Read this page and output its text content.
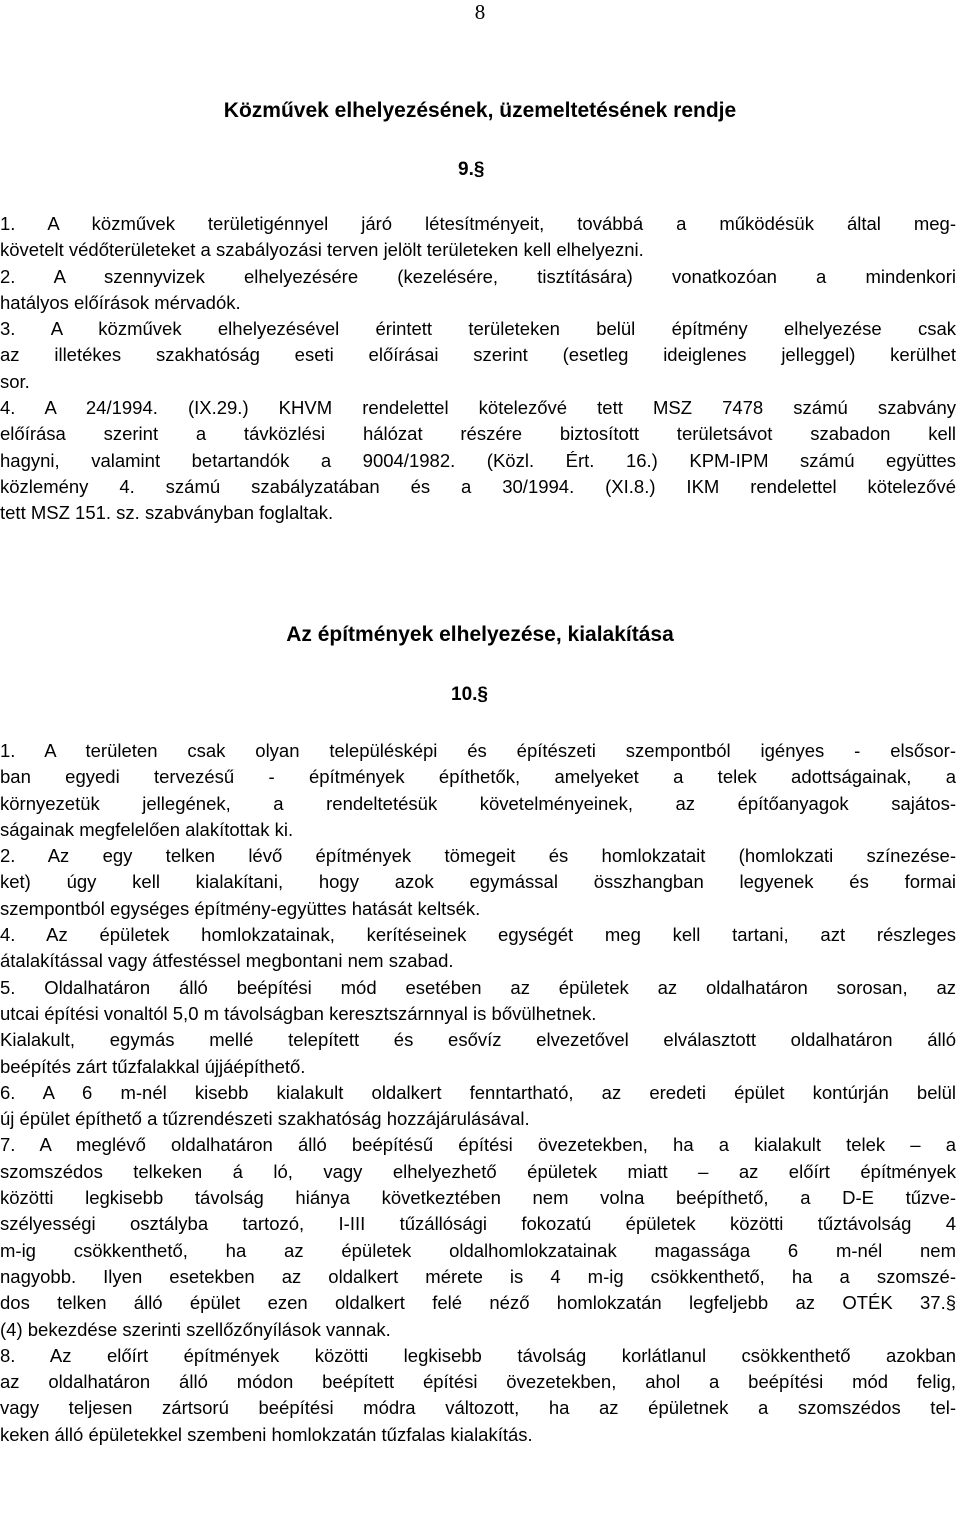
8
Közművek elhelyezésének, üzemeltetésének rendje
9.§
1. A közművek területigénnyel járó létesítményeit, továbbá a működésük által meg-
követelt védőterületeket a szabályozási terven jelölt területeken kell elhelyezni.
2. A szennyvizek elhelyezésére (kezelésére, tisztítására) vonatkozóan a mindenkori
hatályos előírások mérvadók.
3. A közművek elhelyezésével érintett területeken belül építmény elhelyezése csak
az illetékes szakhatóság eseti előírásai szerint (esetleg ideiglenes jelleggel) kerülhet
sor.
4. A 24/1994. (IX.29.) KHVM rendelettel kötelezővé tett MSZ 7478 számú szabvány
előírása szerint a távközlési hálózat részére biztosított területsávot szabadon kell
hagyni, valamint betartandók a 9004/1982. (Közl. Ért. 16.) KPM-IPM számú együttes
közlemény 4. számú szabályzatában és a 30/1994. (XI.8.) IKM rendelettel kötelezővé
tett MSZ 151. sz. szabványban foglaltak.
Az építmények elhelyezése, kialakítása
10.§
1. A területen csak olyan településképi és építészeti szempontból igényes - elsősor-
ban egyedi tervezésű - építmények építhetők, amelyeket a telek adottságainak, a
környezetük jellegének, a rendeltetésük követelményeinek, az építőanyagok sajátos-
ságainak megfelelően alakítottak ki.
2. Az egy telken lévő építmények tömegeit és homlokzatait (homlokzati színezése-
ket) úgy kell kialakítani, hogy azok egymással összhangban legyenek és formai
szempontból egységes építmény-együttes hatását keltsék.
4. Az épületek homlokzatainak, kerítéseinek egységét meg kell tartani, azt részleges
átalakítással vagy átfestéssel megbontani nem szabad.
5. Oldalhatáron álló beépítési mód esetében az épületek az oldalhatáron sorosan, az
utcai építési vonaltól 5,0 m távolságban keresztszárnnyal is bővülhetnek.
Kialakult, egymás mellé telepített és esővíz elvezetővel elválasztott oldalhatáron álló
beépítés zárt tűzfalakkal újjáépíthető.
6. A 6 m-nél kisebb kialakult oldalkert fenntartható, az eredeti épület kontúrján belül
új épület építhető a tűzrendészeti szakhatóság hozzájárulásával.
7. A meglévő oldalhatáron álló beépítésű építési övezetekben, ha a kialakult telek – a
szomszédos telkeken á ló, vagy elhelyezhető épületek miatt – az előírt építmények
közötti legkisebb távolság hiánya következtében nem volna beépíthető, a D-E tűzve-
szélyességi osztályba tartozó, I-III tűzállósági fokozatú épületek közötti tűztávolság 4
m-ig csökkenthető, ha az épületek oldalhomlokzatainak magassága 6 m-nél nem
nagyobb. Ilyen esetekben az oldalkert mérete is 4 m-ig csökkenthető, ha a szomszé-
dos telken álló épület ezen oldalkert felé néző homlokzatán legfeljebb az OTÉK 37.§
(4) bekezdése szerinti szellőzőnyílások vannak.
8. Az előírt építmények közötti legkisebb távolság korlátlanul csökkenthető azokban
az oldalhatáron álló módon beépített építési övezetekben, ahol a beépítési mód felig,
vagy teljesen zártsorú beépítési módra változott, ha az épületnek a szomszédos tel-
keken álló épületekkel szembeni homlokzatán tűzfalas kialakítás.
